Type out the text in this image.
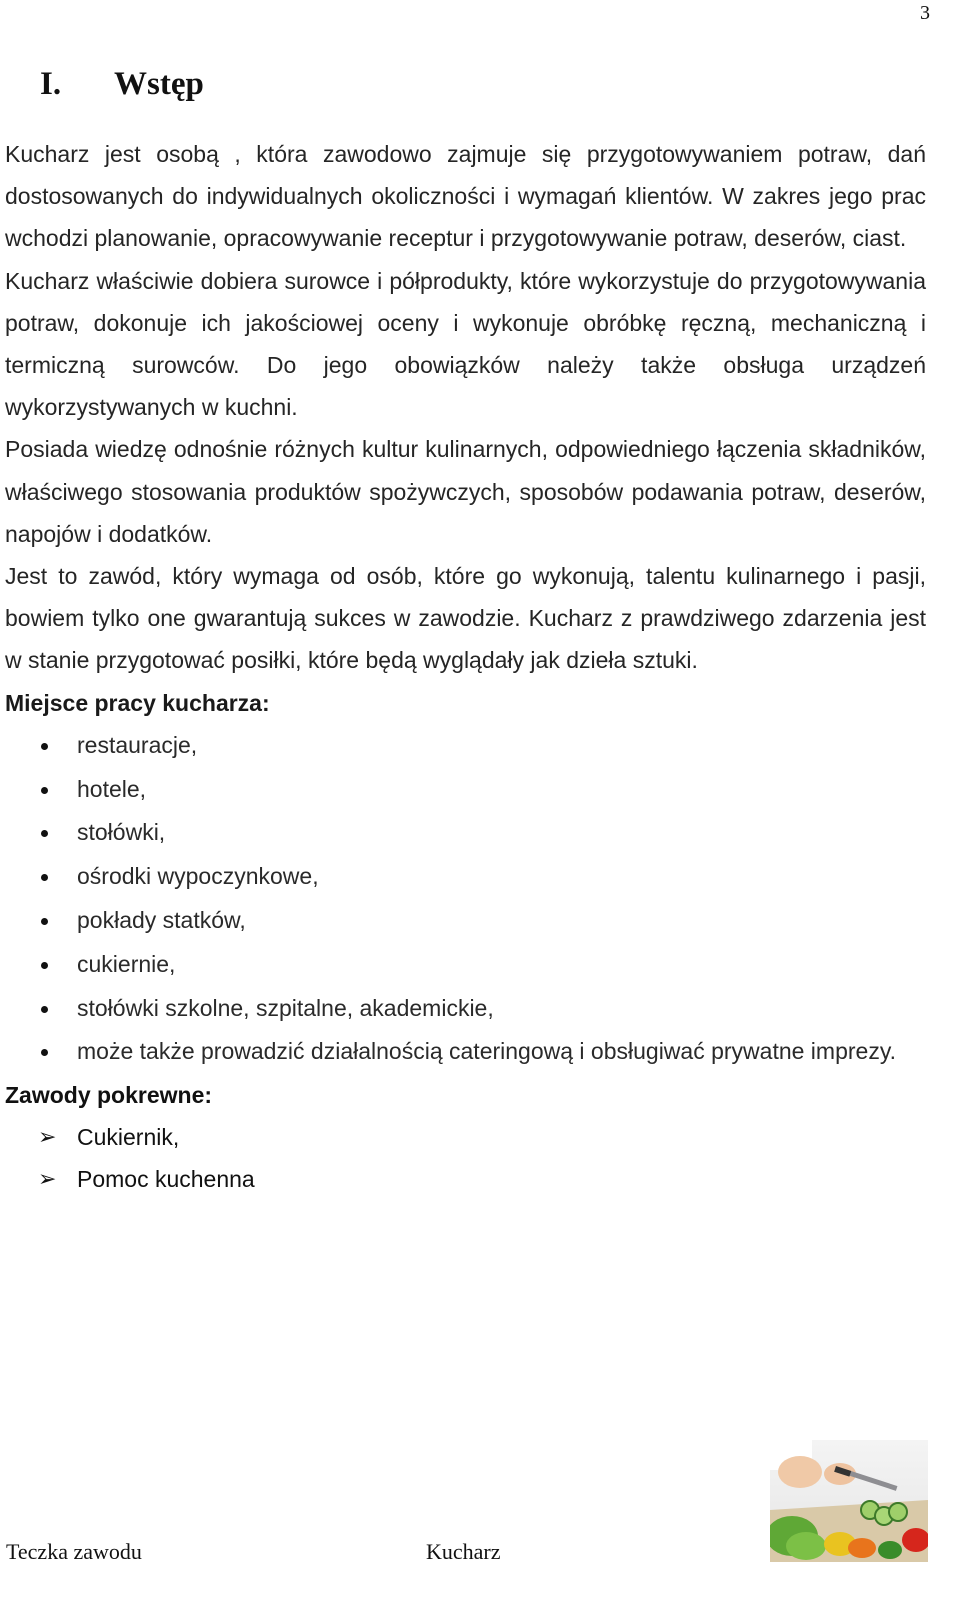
3
I.	Wstęp

Kucharz jest osobą , która zawodowo zajmuje się przygotowywaniem potraw, dań dostosowanych do indywidualnych okoliczności i wymagań klientów. W zakres jego prac wchodzi planowanie, opracowywanie receptur i przygotowywanie potraw, deserów, ciast.

Kucharz właściwie dobiera surowce i półprodukty, które wykorzystuje do przygotowywania potraw, dokonuje ich jakościowej oceny i wykonuje obróbkę ręczną, mechaniczną i termiczną surowców. Do jego obowiązków należy także obsługa urządzeń wykorzystywanych w kuchni.

Posiada wiedzę odnośnie różnych kultur kulinarnych, odpowiedniego łączenia składników, właściwego stosowania produktów spożywczych, sposobów podawania potraw, deserów, napojów i dodatków.

Jest to zawód, który wymaga od osób, które go wykonują, talentu kulinarnego i pasji, bowiem tylko one gwarantują sukces w zawodzie. Kucharz z prawdziwego zdarzenia jest w stanie przygotować posiłki, które będą wyglądały jak dzieła sztuki.

Miejsce pracy kucharza:

restauracje,
hotele,
stołówki,
ośrodki wypoczynkowe,
pokłady statków,
cukiernie,
stołówki szkolne, szpitalne, akademickie,
może także prowadzić działalnością cateringową i obsługiwać prywatne imprezy.

Zawody pokrewne:

➢ Cukiernik,
➢ Pomoc kuchenna
Teczka zawodu	Kucharz
